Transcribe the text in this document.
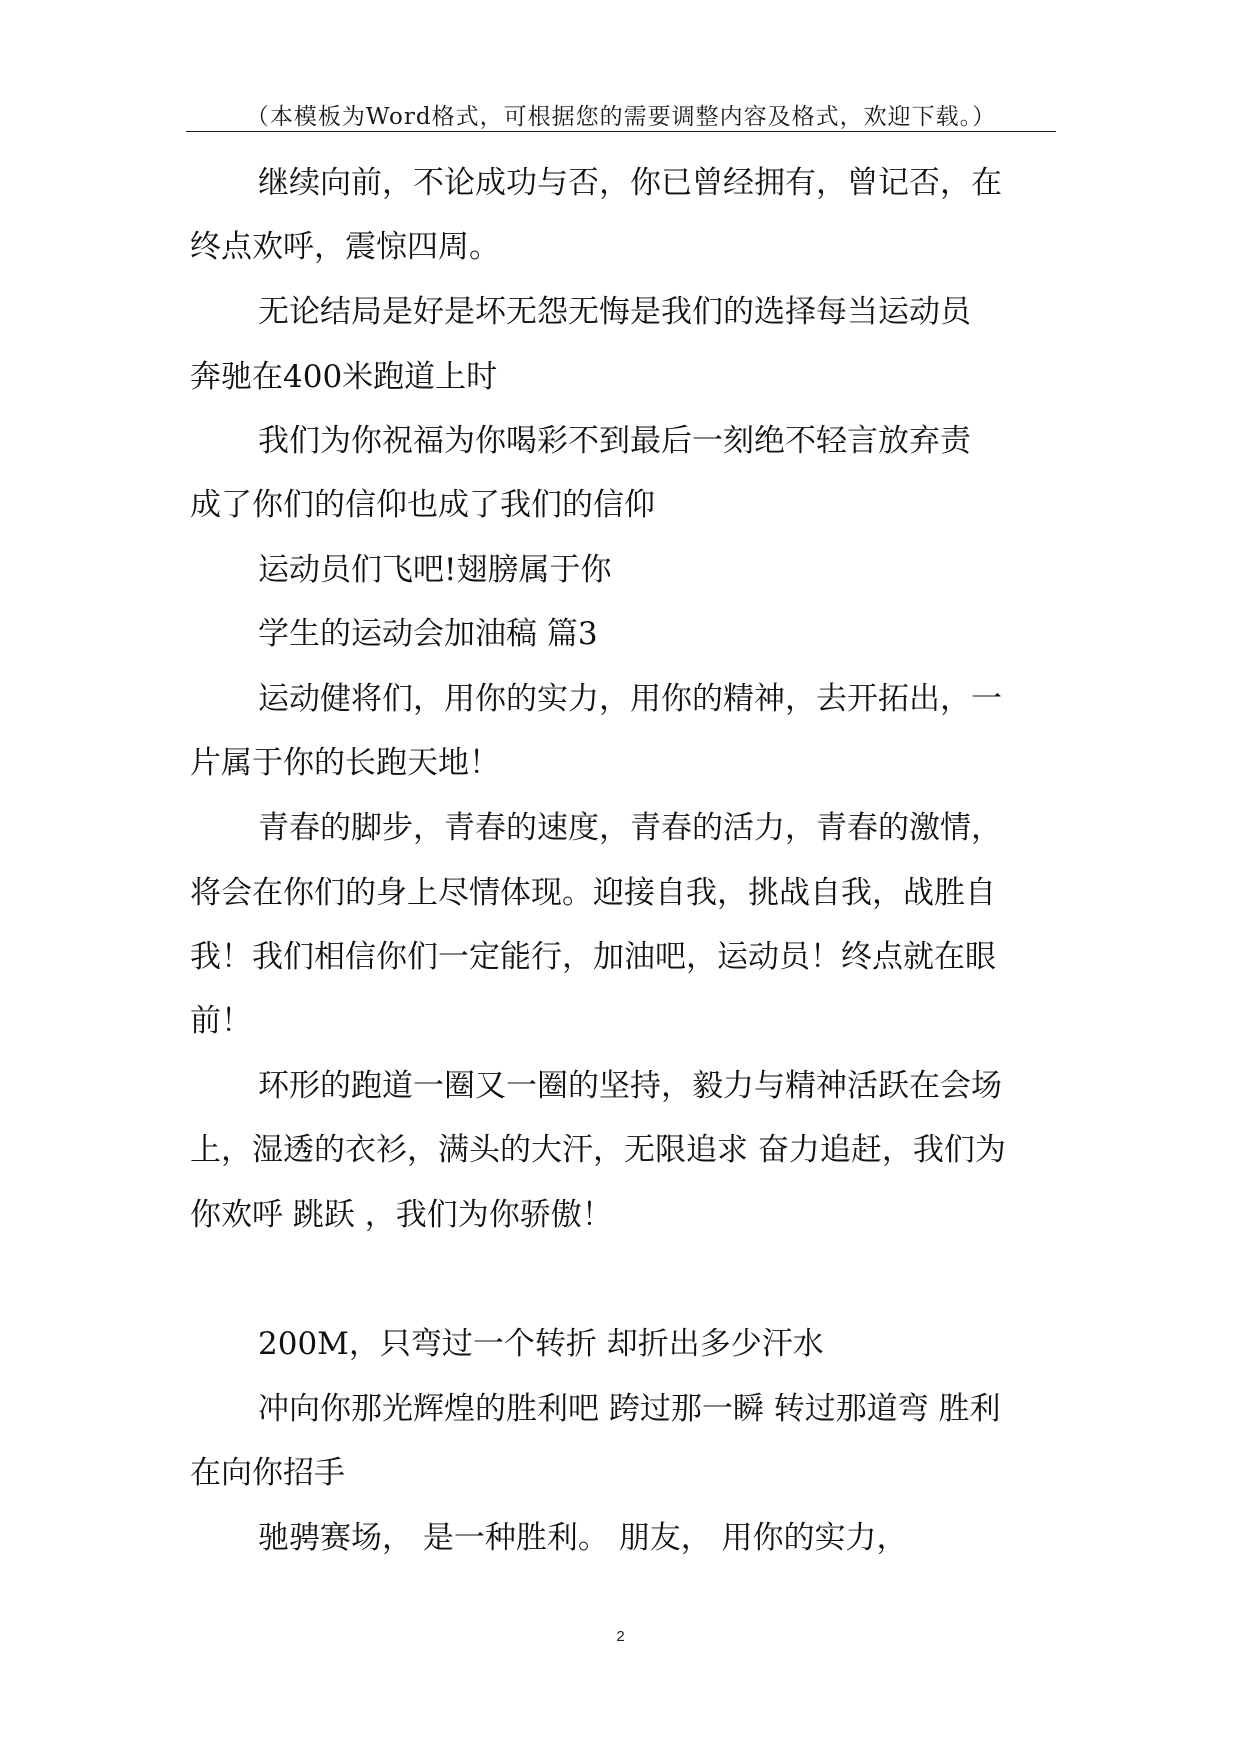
（本模板为Word格式，可根据您的需要调整内容及格式，欢迎下载。）
继续向前，不论成功与否，你已曾经拥有，曾记否，在
终点欢呼，震惊四周。
无论结局是好是坏无怨无悔是我们的选择每当运动员
奔驰在400米跑道上时
我们为你祝福为你喝彩不到最后一刻绝不轻言放弃责
成了你们的信仰也成了我们的信仰
运动员们飞吧!翅膀属于你
学生的运动会加油稿 篇3
运动健将们，用你的实力，用你的精神，去开拓出，一
片属于你的长跑天地！
青春的脚步，青春的速度，青春的活力，青春的激情，
将会在你们的身上尽情体现。迎接自我，挑战自我，战胜自
我！我们相信你们一定能行，加油吧，运动员！终点就在眼
前！
环形的跑道一圈又一圈的坚持，毅力与精神活跃在会场
上，湿透的衣衫，满头的大汗，无限追求 奋力追赶，我们为
你欢呼 跳跃 ，我们为你骄傲！
200M，只弯过一个转折 却折出多少汗水
冲向你那光辉煌的胜利吧 跨过那一瞬 转过那道弯 胜利
在向你招手
驰骋赛场， 是一种胜利。 朋友， 用你的实力，
2
